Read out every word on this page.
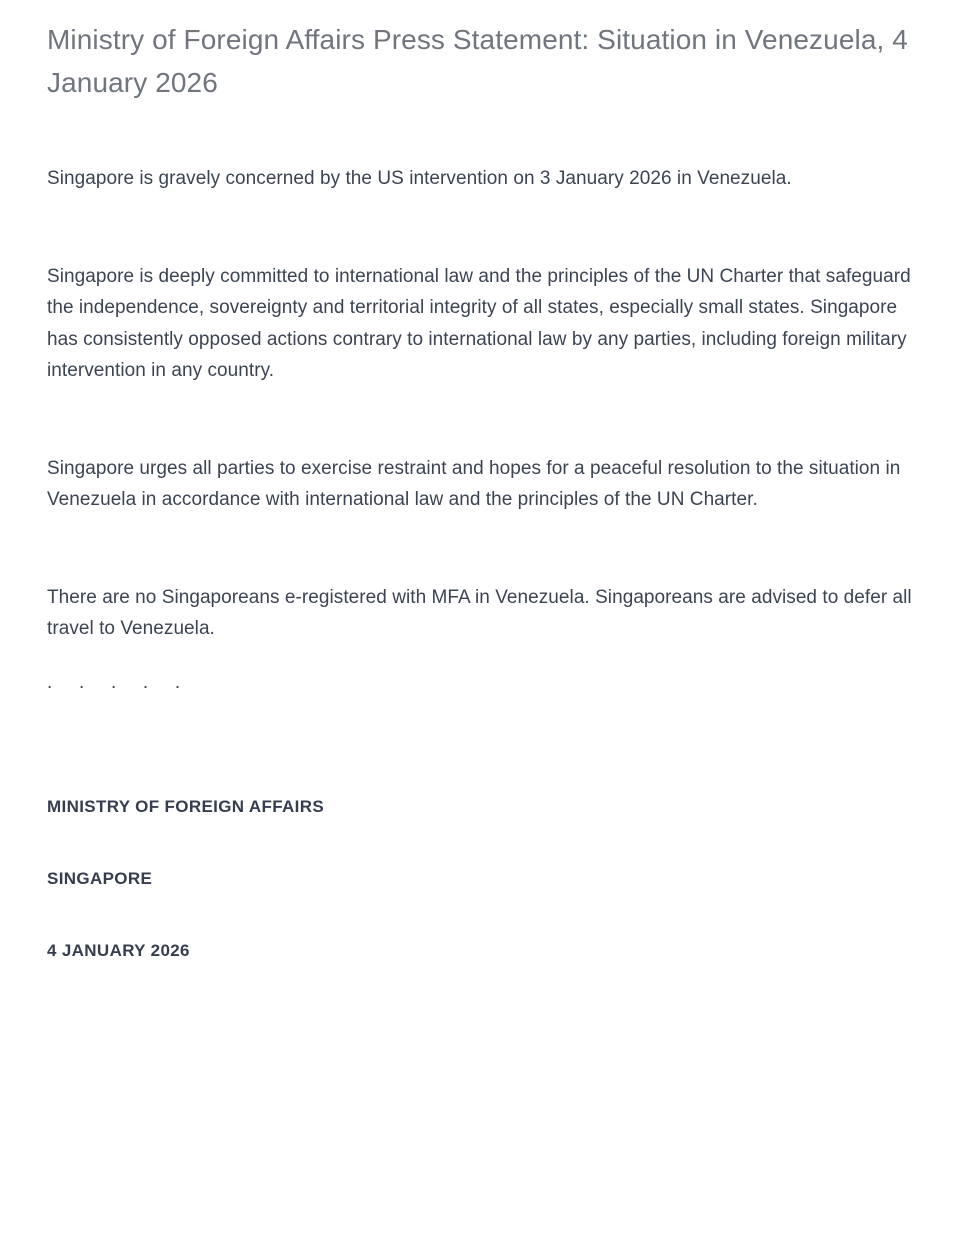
Ministry of Foreign Affairs Press Statement: Situation in Venezuela, 4 January 2026

Singapore is gravely concerned by the US intervention on 3 January 2026 in Venezuela.

Singapore is deeply committed to international law and the principles of the UN Charter that safeguard the independence, sovereignty and territorial integrity of all states, especially small states. Singapore has consistently opposed actions contrary to international law by any parties, including foreign military intervention in any country.

Singapore urges all parties to exercise restraint and hopes for a peaceful resolution to the situation in Venezuela in accordance with international law and the principles of the UN Charter.

There are no Singaporeans e-registered with MFA in Venezuela. Singaporeans are advised to defer all travel to Venezuela.

.     .     .     .     .

MINISTRY OF FOREIGN AFFAIRS

SINGAPORE

4 JANUARY 2026
